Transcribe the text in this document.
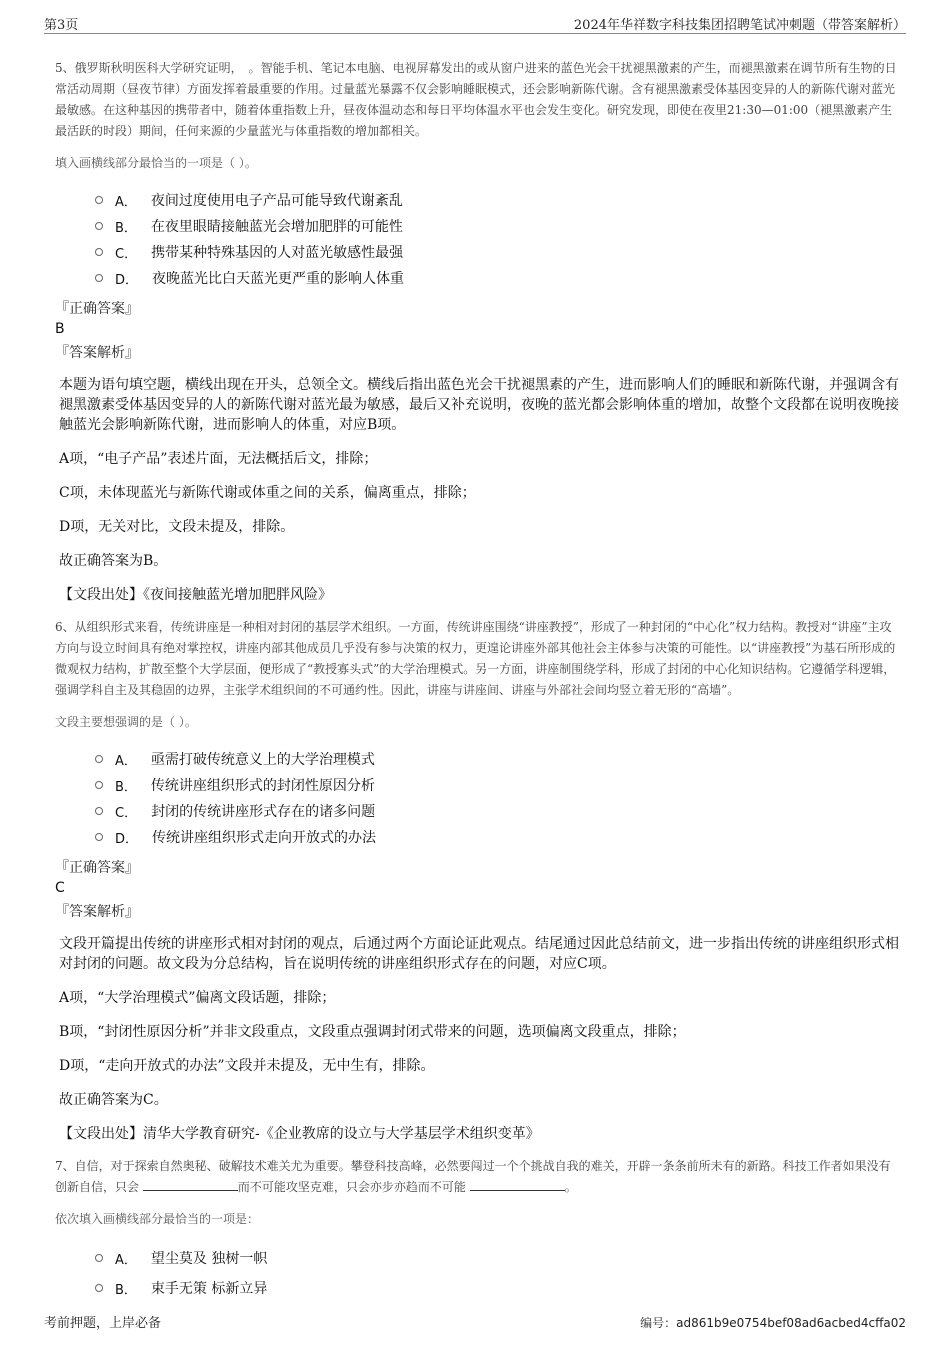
第3页	2024年华祥数字科技集团招聘笔试冲刺题（带答案解析）

5、俄罗斯秋明医科大学研究证明，　。智能手机、笔记本电脑、电视屏幕发出的或从窗户进来的蓝色光会干扰褪黑激素的产生，而褪黑激素在调节所有生物的日常活动周期（昼夜节律）方面发挥着最重要的作用。过量蓝光暴露不仅会影响睡眠模式，还会影响新陈代谢。含有褪黑激素受体基因变异的人的新陈代谢对蓝光最敏感。在这种基因的携带者中，随着体重指数上升，昼夜体温动态和每日平均体温水平也会发生变化。研究发现，即使在夜里21:30—01:00（褪黑激素产生最活跃的时段）期间，任何来源的少量蓝光与体重指数的增加都相关。

填入画横线部分最恰当的一项是（ ）。
A． 夜间过度使用电子产品可能导致代谢紊乱
B． 在夜里眼睛接触蓝光会增加肥胖的可能性
C． 携带某种特殊基因的人对蓝光敏感性最强
D． 夜晚蓝光比白天蓝光更严重的影响人体重
『正确答案』
B
『答案解析』
本题为语句填空题，横线出现在开头，总领全文。横线后指出蓝色光会干扰褪黑素的产生，进而影响人们的睡眠和新陈代谢，并强调含有褪黑激素受体基因变异的人的新陈代谢对蓝光最为敏感，最后又补充说明，夜晚的蓝光都会影响体重的增加，故整个文段都在说明夜晚接触蓝光会影响新陈代谢，进而影响人的体重，对应B项。
A项，“电子产品”表述片面，无法概括后文，排除；
C项，未体现蓝光与新陈代谢或体重之间的关系，偏离重点，排除；
D项，无关对比，文段未提及，排除。
故正确答案为B。
【文段出处】《夜间接触蓝光增加肥胖风险》

6、从组织形式来看，传统讲座是一种相对封闭的基层学术组织。一方面，传统讲座围绕“讲座教授”，形成了一种封闭的“中心化”权力结构。教授对“讲座”主攻方向与设立时间具有绝对掌控权，讲座内部其他成员几乎没有参与决策的权力，更遑论讲座外部其他社会主体参与决策的可能性。以“讲座教授”为基石所形成的微观权力结构，扩散至整个大学层面，便形成了“教授寡头式”的大学治理模式。另一方面，讲座制围绕学科，形成了封闭的中心化知识结构。它遵循学科逻辑，强调学科自主及其稳固的边界，主张学术组织间的不可通约性。因此，讲座与讲座间、讲座与外部社会间均竖立着无形的“高墙”。

文段主要想强调的是（ ）。
A． 亟需打破传统意义上的大学治理模式
B． 传统讲座组织形式的封闭性原因分析
C． 封闭的传统讲座形式存在的诸多问题
D． 传统讲座组织形式走向开放式的办法
『正确答案』
C
『答案解析』
文段开篇提出传统的讲座形式相对封闭的观点，后通过两个方面论证此观点。结尾通过因此总结前文，进一步指出传统的讲座组织形式相对封闭的问题。故文段为分总结构，旨在说明传统的讲座组织形式存在的问题，对应C项。
A项，“大学治理模式”偏离文段话题，排除；
B项，“封闭性原因分析”并非文段重点，文段重点强调封闭式带来的问题，选项偏离文段重点，排除；
D项，“走向开放式的办法”文段并未提及，无中生有，排除。
故正确答案为C。
【文段出处】清华大学教育研究-《企业教席的设立与大学基层学术组织变革》

7、自信，对于探索自然奥秘、破解技术难关尤为重要。攀登科技高峰，必然要闯过一个个挑战自我的难关，开辟一条条前所未有的新路。科技工作者如果没有创新自信，只会	而不可能攻坚克难，只会亦步亦趋而不可能	。

依次填入画横线部分最恰当的一项是：
A． 望尘莫及 独树一帜
B． 束手无策 标新立异
考前押题，上岸必备	编号：ad861b9e0754bef08ad6acbed4cffa02
